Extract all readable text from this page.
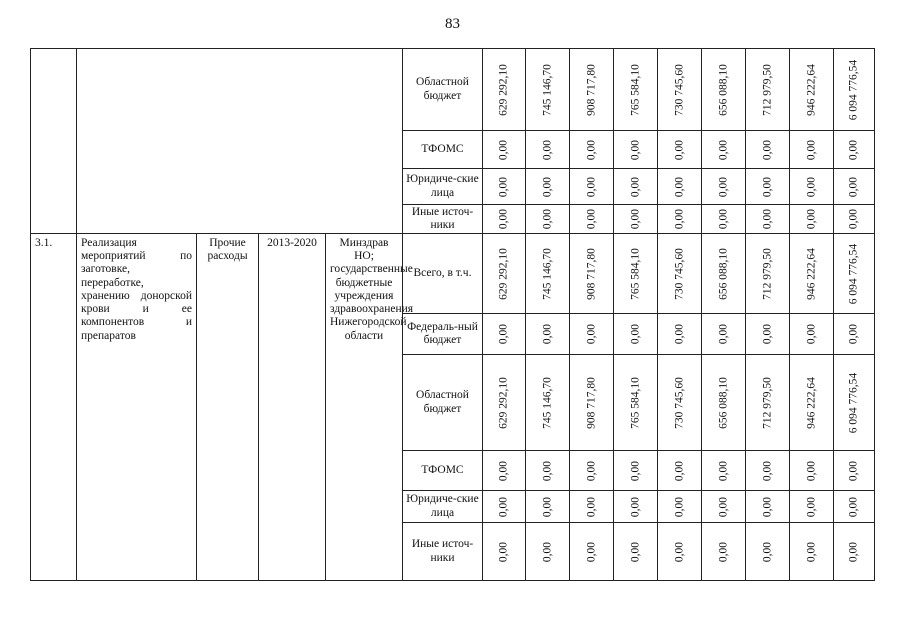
83
					Областной бюджет	629 292,10	745 146,70	908 717,80	765 584,10	730 745,60	656 088,10	712 979,50	946 222,64	6 094 776,54

					ТФОМС	0,00	0,00	0,00	0,00	0,00	0,00	0,00	0,00	0,00

					Юридиче-ские лица	0,00	0,00	0,00	0,00	0,00	0,00	0,00	0,00	0,00

					Иные источ-ники	0,00	0,00	0,00	0,00	0,00	0,00	0,00	0,00	0,00

3.1.	Реализация мероприятий по заготовке, переработке, хранению донорской крови и ее компонентов и препаратов	Прочие расходы	2013-2020	Минздрав НО; государственные бюджетные учреждения здравоохранения Нижегородской области	Всего, в т.ч.	629 292,10	745 146,70	908 717,80	765 584,10	730 745,60	656 088,10	712 979,50	946 222,64	6 094 776,54

					Федераль-ный бюджет	0,00	0,00	0,00	0,00	0,00	0,00	0,00	0,00	0,00

					Областной бюджет	629 292,10	745 146,70	908 717,80	765 584,10	730 745,60	656 088,10	712 979,50	946 222,64	6 094 776,54

					ТФОМС	0,00	0,00	0,00	0,00	0,00	0,00	0,00	0,00	0,00

					Юридиче-ские лица	0,00	0,00	0,00	0,00	0,00	0,00	0,00	0,00	0,00

					Иные источ-ники	0,00	0,00	0,00	0,00	0,00	0,00	0,00	0,00	0,00
